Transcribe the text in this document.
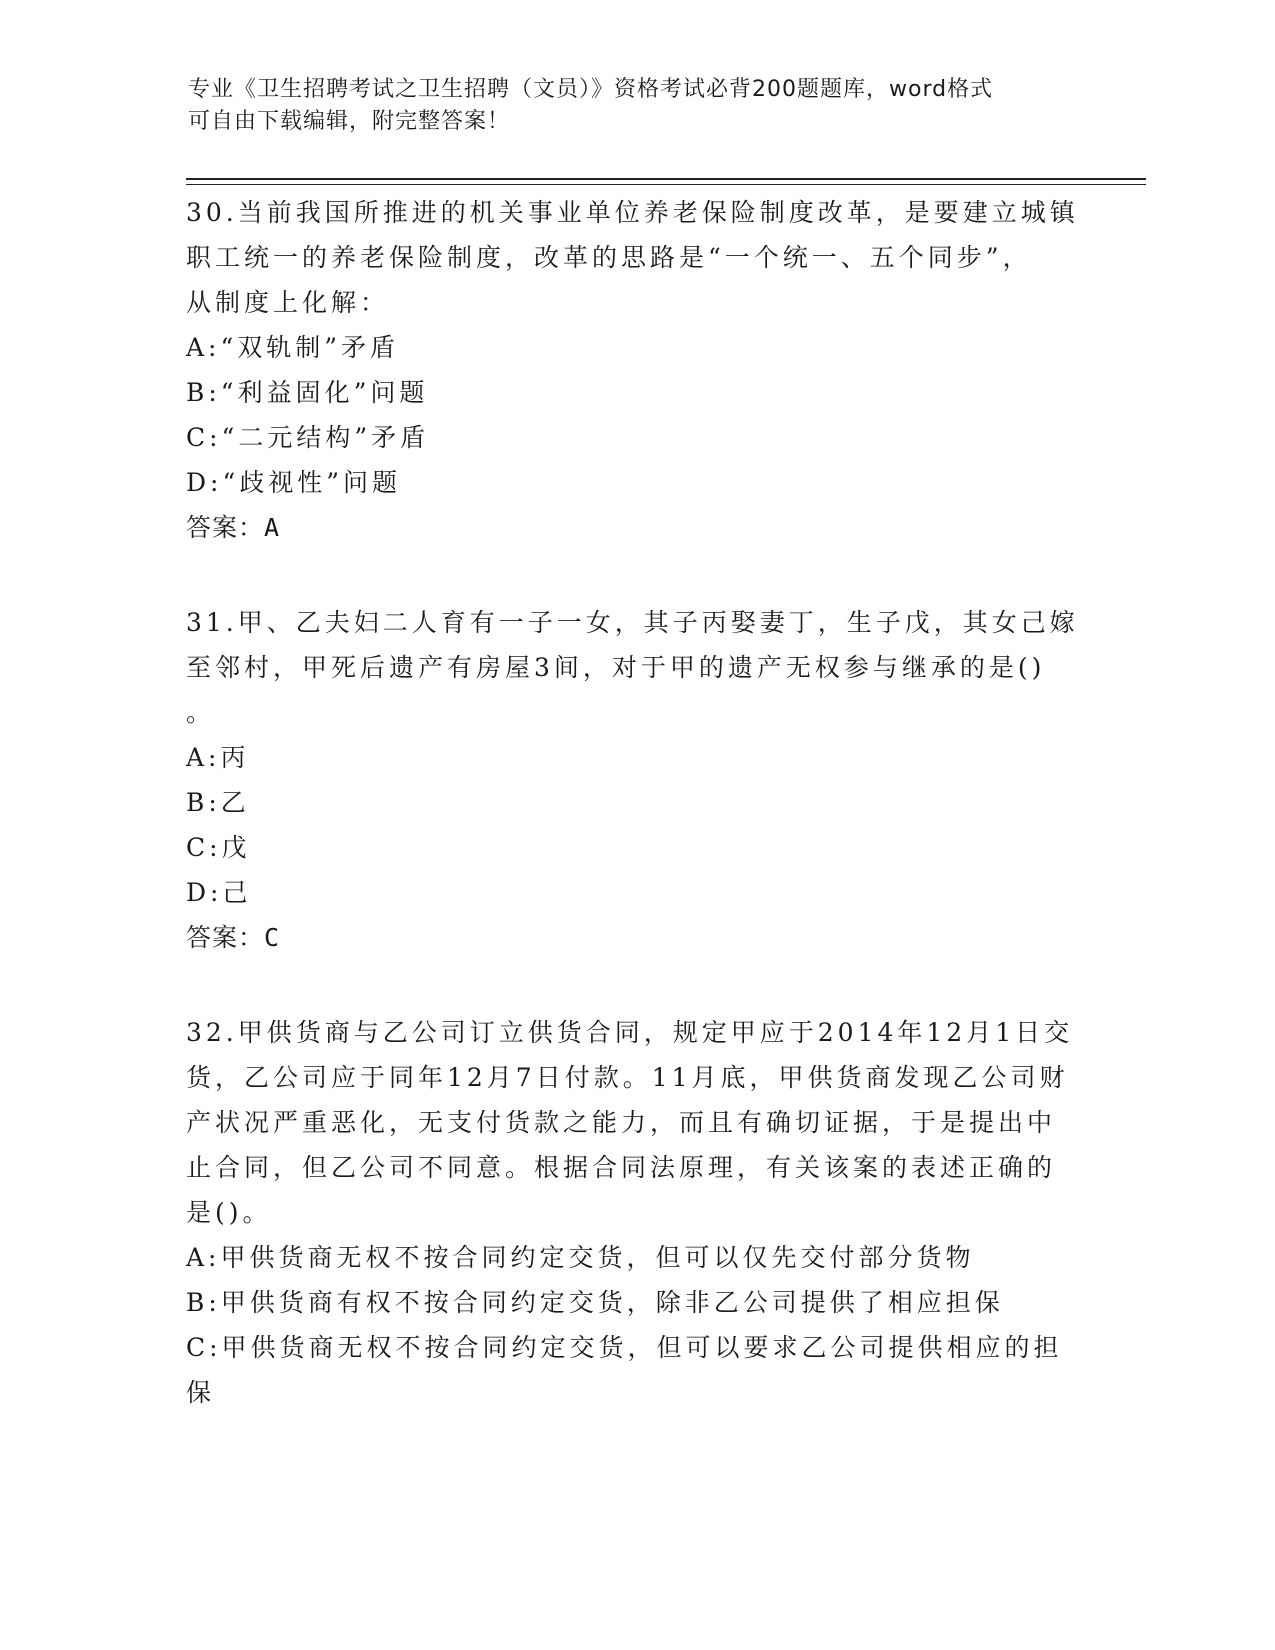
专业《卫生招聘考试之卫生招聘（文员）》资格考试必背200题题库，word格式
可自由下载编辑，附完整答案！
30.当前我国所推进的机关事业单位养老保险制度改革，是要建立城镇
职工统一的养老保险制度，改革的思路是“一个统一、五个同步”，
从制度上化解：
A:“双轨制”矛盾
B:“利益固化”问题
C:“二元结构”矛盾
D:“歧视性”问题
答案：A
31.甲、乙夫妇二人育有一子一女，其子丙娶妻丁，生子戊，其女己嫁
至邻村，甲死后遗产有房屋3间，对于甲的遗产无权参与继承的是()
。
A:丙
B:乙
C:戊
D:己
答案：C
32.甲供货商与乙公司订立供货合同，规定甲应于2014年12月1日交
货，乙公司应于同年12月7日付款。11月底，甲供货商发现乙公司财
产状况严重恶化，无支付货款之能力，而且有确切证据，于是提出中
止合同，但乙公司不同意。根据合同法原理，有关该案的表述正确的
是()。
A:甲供货商无权不按合同约定交货，但可以仅先交付部分货物
B:甲供货商有权不按合同约定交货，除非乙公司提供了相应担保
C:甲供货商无权不按合同约定交货，但可以要求乙公司提供相应的担
保
